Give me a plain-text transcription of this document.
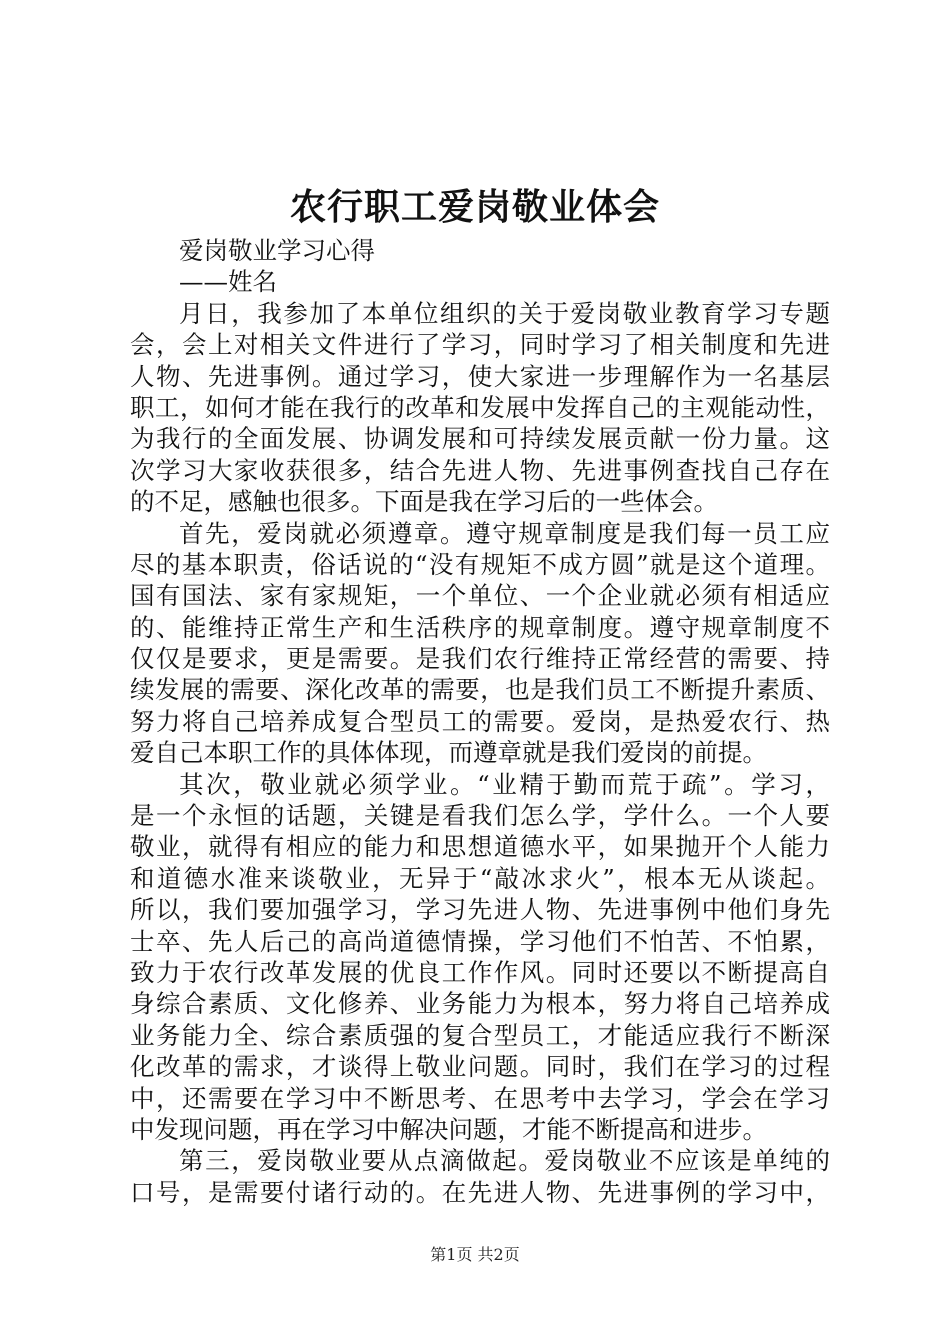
农行职工爱岗敬业体会
爱岗敬业学习心得
——姓名
月日，我参加了本单位组织的关于爱岗敬业教育学习专题
会，会上对相关文件进行了学习，同时学习了相关制度和先进
人物、先进事例。通过学习，使大家进一步理解作为一名基层
职工，如何才能在我行的改革和发展中发挥自己的主观能动性，
为我行的全面发展、协调发展和可持续发展贡献一份力量。这
次学习大家收获很多，结合先进人物、先进事例查找自己存在
的不足，感触也很多。下面是我在学习后的一些体会。
首先，爱岗就必须遵章。遵守规章制度是我们每一员工应
尽的基本职责，俗话说的“没有规矩不成方圆”就是这个道理。
国有国法、家有家规矩，一个单位、一个企业就必须有相适应
的、能维持正常生产和生活秩序的规章制度。遵守规章制度不
仅仅是要求，更是需要。是我们农行维持正常经营的需要、持
续发展的需要、深化改革的需要，也是我们员工不断提升素质、
努力将自己培养成复合型员工的需要。爱岗，是热爱农行、热
爱自己本职工作的具体体现，而遵章就是我们爱岗的前提。
其次，敬业就必须学业。“业精于勤而荒于疏”。学习，
是一个永恒的话题，关键是看我们怎么学，学什么。一个人要
敬业，就得有相应的能力和思想道德水平，如果抛开个人能力
和道德水准来谈敬业，无异于“敲冰求火”，根本无从谈起。
所以，我们要加强学习，学习先进人物、先进事例中他们身先
士卒、先人后己的高尚道德情操，学习他们不怕苦、不怕累，
致力于农行改革发展的优良工作作风。同时还要以不断提高自
身综合素质、文化修养、业务能力为根本，努力将自己培养成
业务能力全、综合素质强的复合型员工，才能适应我行不断深
化改革的需求，才谈得上敬业问题。同时，我们在学习的过程
中，还需要在学习中不断思考、在思考中去学习，学会在学习
中发现问题，再在学习中解决问题，才能不断提高和进步。
第三，爱岗敬业要从点滴做起。爱岗敬业不应该是单纯的
口号，是需要付诸行动的。在先进人物、先进事例的学习中，
第1页 共2页
